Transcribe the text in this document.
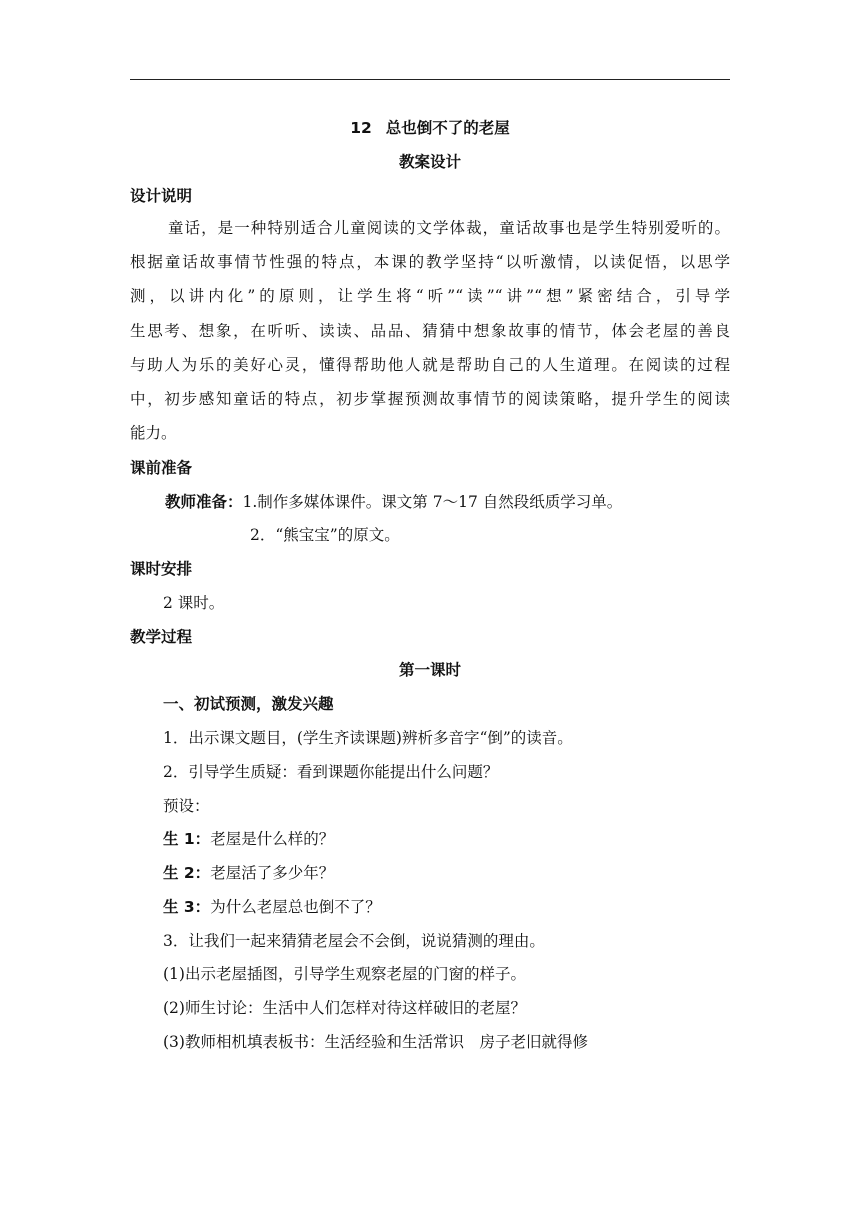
12 总也倒不了的老屋
教案设计
设计说明
童话，是一种特别适合儿童阅读的文学体裁，童话故事也是学生特别爱听的。
根据童话故事情节性强的特点，本课的教学坚持“以听激情，以读促悟，以思学
测，以讲内化”的原则，让学生将“听”“读”“讲”“想”紧密结合，引导学
生思考、想象，在听听、读读、品品、猜猜中想象故事的情节，体会老屋的善良
与助人为乐的美好心灵，懂得帮助他人就是帮助自己的人生道理。在阅读的过程
中，初步感知童话的特点，初步掌握预测故事情节的阅读策略，提升学生的阅读
能力。
课前准备
教师准备：1.制作多媒体课件。课文第 7～17 自然段纸质学习单。
2．“熊宝宝”的原文。
课时安排
2 课时。
教学过程
第一课时
一、初试预测，激发兴趣
1．出示课文题目，(学生齐读课题)辨析多音字“倒”的读音。
2．引导学生质疑：看到课题你能提出什么问题？
预设：
生 1：老屋是什么样的？
生 2：老屋活了多少年？
生 3：为什么老屋总也倒不了？
3．让我们一起来猜猜老屋会不会倒，说说猜测的理由。
(1)出示老屋插图，引导学生观察老屋的门窗的样子。
(2)师生讨论：生活中人们怎样对待这样破旧的老屋？
(3)教师相机填表板书：生活经验和生活常识　房子老旧就得修
